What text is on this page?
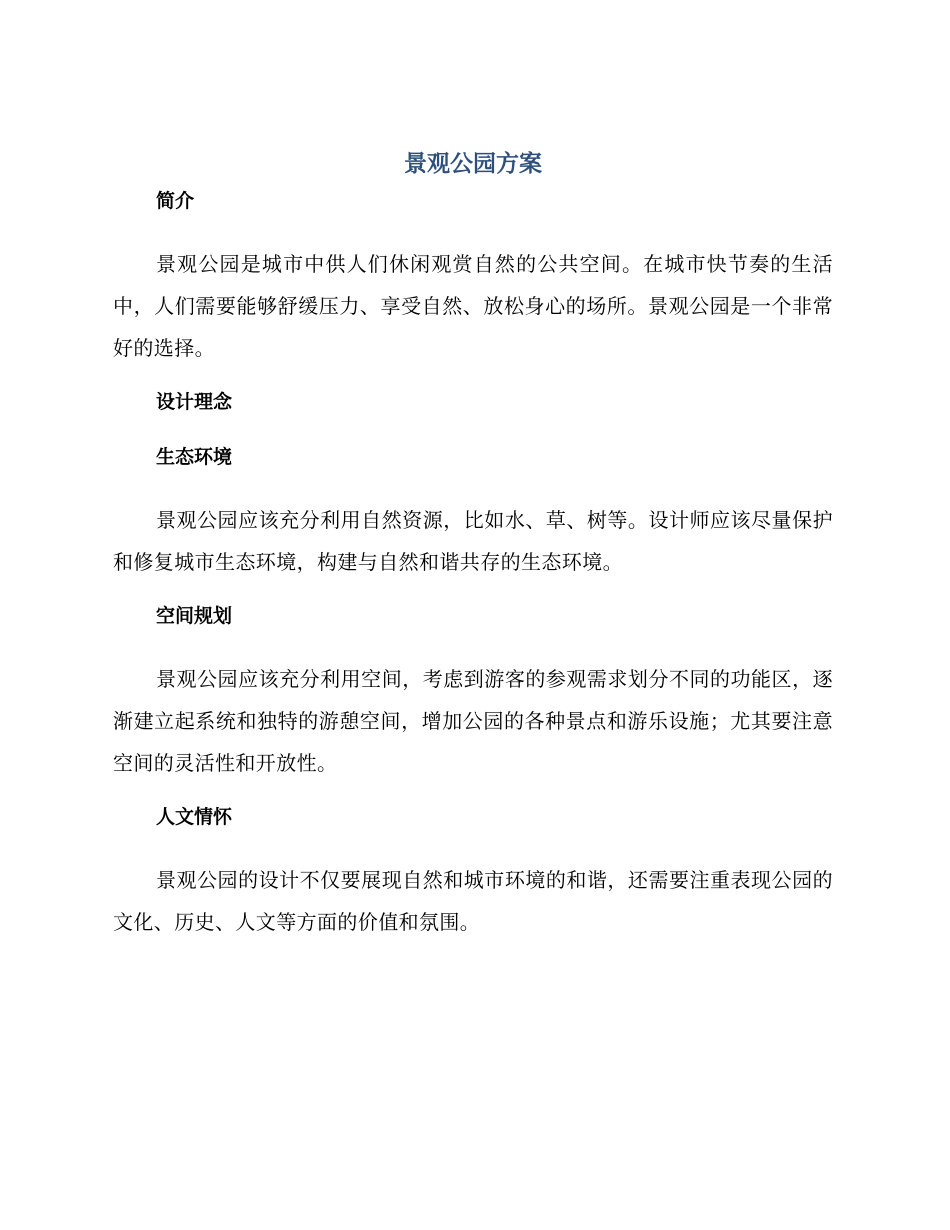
景观公园方案
简介

景观公园是城市中供人们休闲观赏自然的公共空间。在城市快节奏的生活中，人们需要能够舒缓压力、享受自然、放松身心的场所。景观公园是一个非常好的选择。

设计理念
生态环境

景观公园应该充分利用自然资源，比如水、草、树等。设计师应该尽量保护和修复城市生态环境，构建与自然和谐共存的生态环境。

空间规划

景观公园应该充分利用空间，考虑到游客的参观需求划分不同的功能区，逐渐建立起系统和独特的游憩空间，增加公园的各种景点和游乐设施；尤其要注意空间的灵活性和开放性。

人文情怀

景观公园的设计不仅要展现自然和城市环境的和谐，还需要注重表现公园的文化、历史、人文等方面的价值和氛围。
